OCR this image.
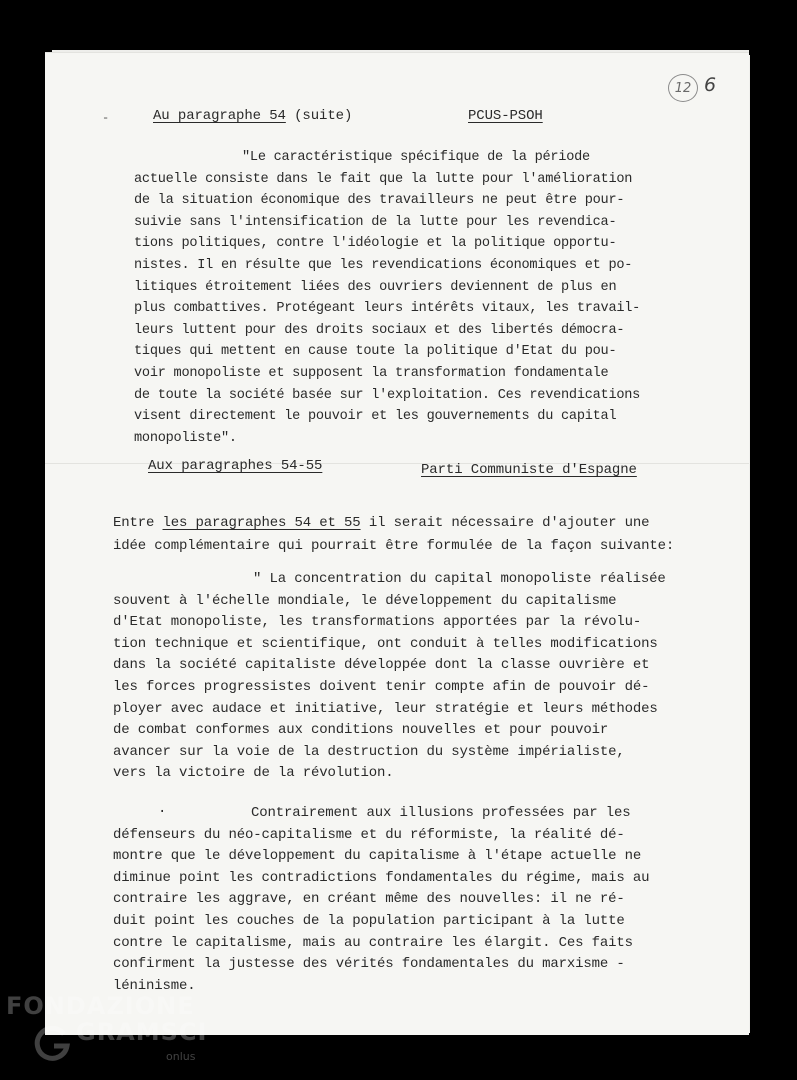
-
12 6
Au paragraphe 54 (suite)	PCUS-PSOH
"Le caractéristique spécifique de la période
actuelle consiste dans le fait que la lutte pour l'amélioration
de la situation économique des travailleurs ne peut être pour-
suivie sans l'intensification de la lutte pour les revendica-
tions politiques, contre l'idéologie et la politique opportu-
nistes. Il en résulte que les revendications économiques et po-
litiques étroitement liées des ouvriers deviennent de plus en
plus combattives. Protégeant leurs intérêts vitaux, les travail-
leurs luttent pour des droits sociaux et des libertés démocra-
tiques qui mettent en cause toute la politique d'Etat du pou-
voir monopoliste et supposent la transformation fondamentale
de toute la société basée sur l'exploitation. Ces revendications
visent directement le pouvoir et les gouvernements du capital
monopoliste".
Aux paragraphes 54-55	Parti Communiste d'Espagne
Entre les paragraphes 54 et 55 il serait nécessaire d'ajouter une
idée complémentaire qui pourrait être formulée de la façon suivante:
" La concentration du capital monopoliste réalisée
souvent à l'échelle mondiale, le développement du capitalisme
d'Etat monopoliste, les transformations apportées par la révolu-
tion technique et scientifique, ont conduit à telles modifications
dans la société capitaliste développée dont la classe ouvrière et
les forces progressistes doivent tenir compte afin de pouvoir dé-
ployer avec audace et initiative, leur stratégie et leurs méthodes
de combat conformes aux conditions nouvelles et pour pouvoir
avancer sur la voie de la destruction du système impérialiste,
vers la victoire de la révolution.
·	Contrairement aux illusions professées par les
défenseurs du néo-capitalisme et du réformiste, la réalité dé-
montre que le développement du capitalisme à l'étape actuelle ne
diminue point les contradictions fondamentales du régime, mais au
contraire les aggrave, en créant même des nouvelles: il ne ré-
duit point les couches de la population participant à la lutte
contre le capitalisme, mais au contraire les élargit. Ces faits
confirment la justesse des vérités fondamentales du marxisme -
léninisme.
FONDAZIONE
GRAMSCI
onlus
